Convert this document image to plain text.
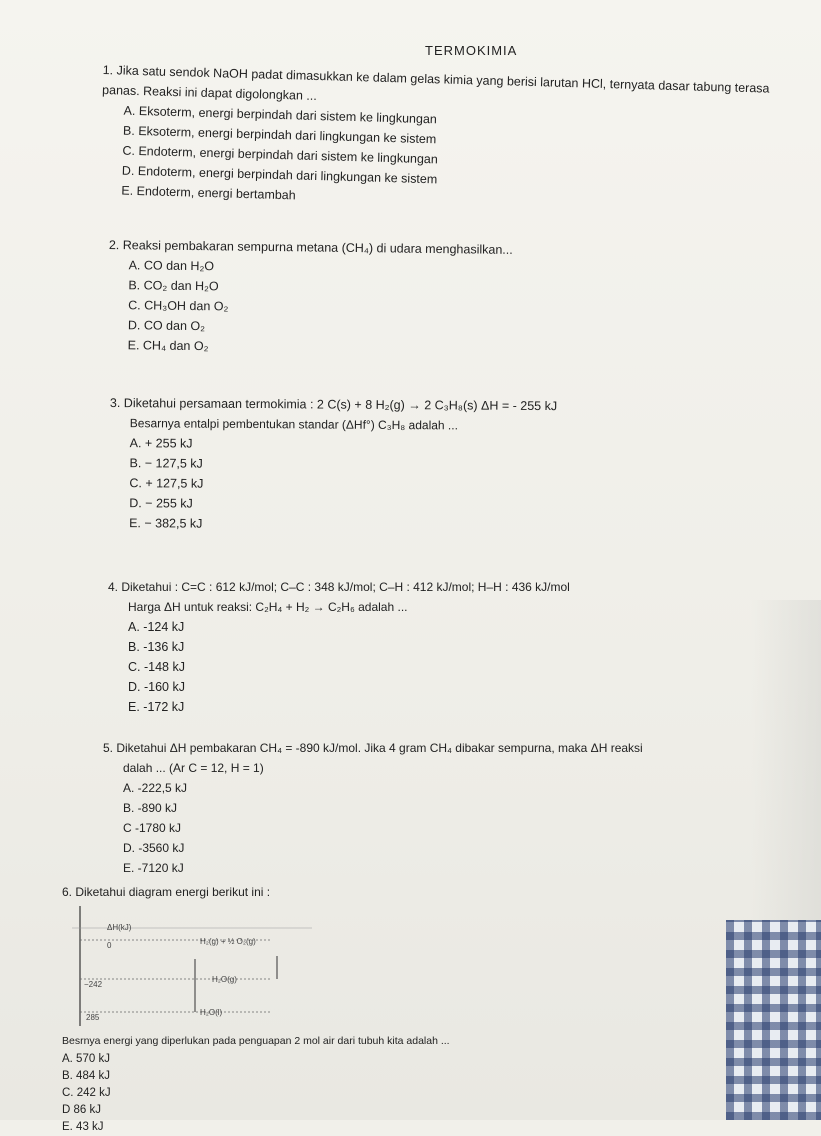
TERMOKIMIA

1. Jika satu sendok NaOH padat dimasukkan ke dalam gelas kimia yang berisi larutan HCl, ternyata dasar tabung terasa panas. Reaksi ini dapat digolongkan ...

A. Eksoterm, energi berpindah dari sistem ke lingkungan

B. Eksoterm, energi berpindah dari lingkungan ke sistem

C. Endoterm, energi berpindah dari sistem ke lingkungan

D. Endoterm, energi berpindah dari lingkungan ke sistem

E. Endoterm, energi bertambah

2. Reaksi pembakaran sempurna metana (CH₄) di udara menghasilkan...

A. CO dan H₂O

B. CO₂ dan H₂O

C. CH₃OH dan O₂

D. CO dan O₂

E. CH₄ dan O₂

3. Diketahui persamaan termokimia : 2 C(s) + 8 H₂(g) → 2 C₃H₈(s) ΔH = - 255 kJ

Besarnya entalpi pembentukan standar (ΔHf°) C₃H₈ adalah ...

A. + 255 kJ

B. − 127,5 kJ

C. + 127,5 kJ

D. − 255 kJ

E. − 382,5 kJ

4. Diketahui : C=C : 612 kJ/mol; C–C : 348 kJ/mol; C–H : 412 kJ/mol; H–H : 436 kJ/mol

Harga ΔH untuk reaksi: C₂H₄ + H₂ → C₂H₆ adalah ...

A. -124 kJ

B. -136 kJ

C. -148 kJ

D. -160 kJ

E. -172 kJ

5. Diketahui ΔH pembakaran CH₄ = -890 kJ/mol. Jika 4 gram CH₄ dibakar sempurna, maka ΔH reaksi

dalah ... (Ar C = 12, H = 1)

A. -222,5 kJ

B. -890 kJ

C -1780 kJ

D. -3560 kJ

E. -7120 kJ

6. Diketahui diagram energi berikut ini :

ΔH(kJ)
0
−242
285
H₂(g) + ½ O₂(g)
H₂O(g)
H₂O(l)

Besrnya energi yang diperlukan pada penguapan 2 mol air dari tubuh kita adalah ...

A. 570 kJ

B. 484 kJ

C. 242 kJ

D 86 kJ

E. 43 kJ
